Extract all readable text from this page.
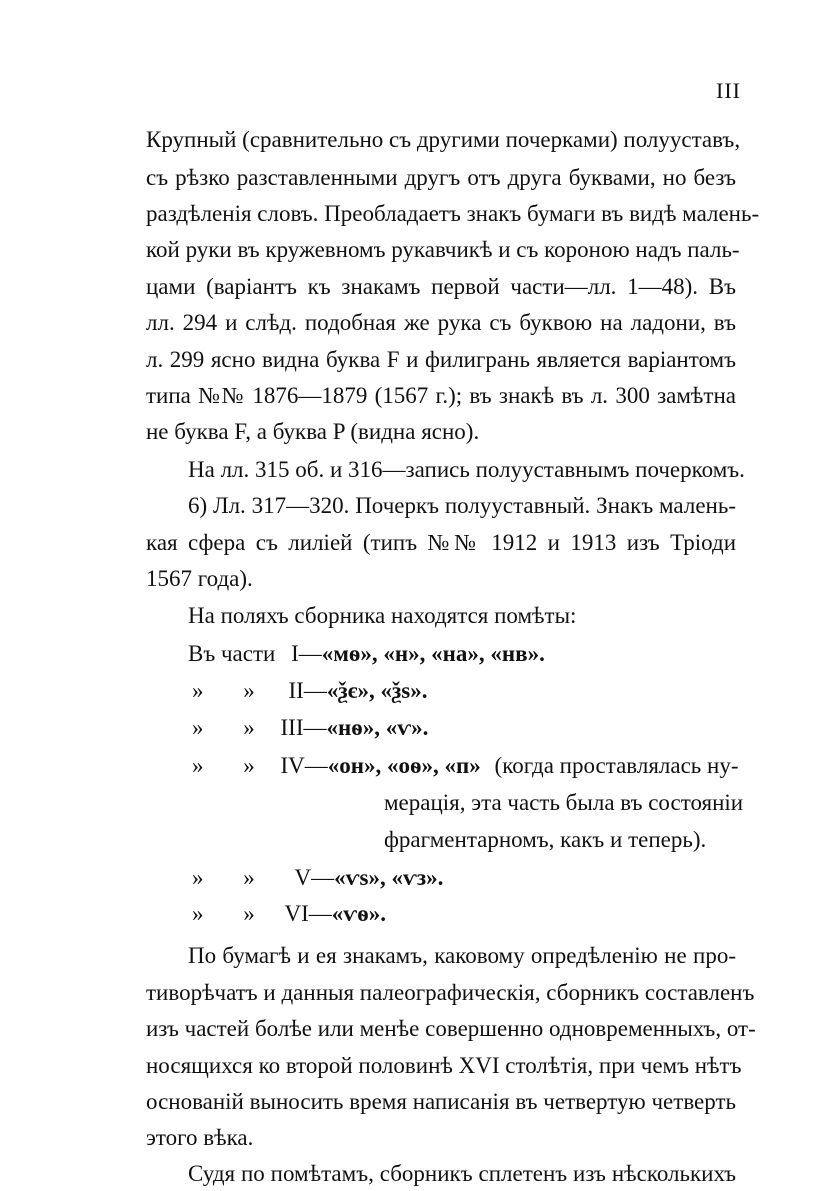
III
Крупный (сравнительно съ другими почерками) полууставъ,
съ рѣзко разставленными другъ отъ друга буквами, но безъ
раздѣленія словъ. Преобладаетъ знакъ бумаги въ видѣ малень-
кой руки въ кружевномъ рукавчикѣ и съ короною надъ паль-
цами (варіантъ къ знакамъ первой части—лл. 1—48). Въ
лл. 294 и слѣд. подобная же рука съ буквою на ладони, въ
л. 299 ясно видна буква F и филигрань является варіантомъ
типа №№ 1876—1879 (1567 г.); въ знакѣ въ л. 300 замѣтна
не буква F, а буква P (видна ясно).
На лл. 315 об. и 316—запись полууставнымъ почеркомъ.
6) Лл. 317—320. Почеркъ полууставный. Знакъ малень-
кая сфера съ лиліей (типъ №№ 1912 и 1913 изъ Тріоди
1567 года).
На поляхъ сборника находятся помѣты:
Въ части I—«мѳ», «н», «на», «нв».
» » II—«ѯє», «ѯѕ».
» » III—«нѳ», «ѵ».
» » IV—«он», «оѳ», «п» (когда проставлялась ну-
мерація, эта часть была въ состояніи
фрагментарномъ, какъ и теперь).
» » V—«ѵѕ», «ѵз».
» » VI—«ѵѳ».
По бумагѣ и ея знакамъ, каковому опредѣленію не про-
тиворѣчатъ и данныя палеографическія, сборникъ составленъ
изъ частей болѣе или менѣе совершенно одновременныхъ, от-
носящихся ко второй половинѣ XVI столѣтія, при чемъ нѣтъ
основаній выносить время написанія въ четвертую четверть
этого вѣка.
Судя по помѣтамъ, сборникъ сплетенъ изъ нѣсколькихъ
